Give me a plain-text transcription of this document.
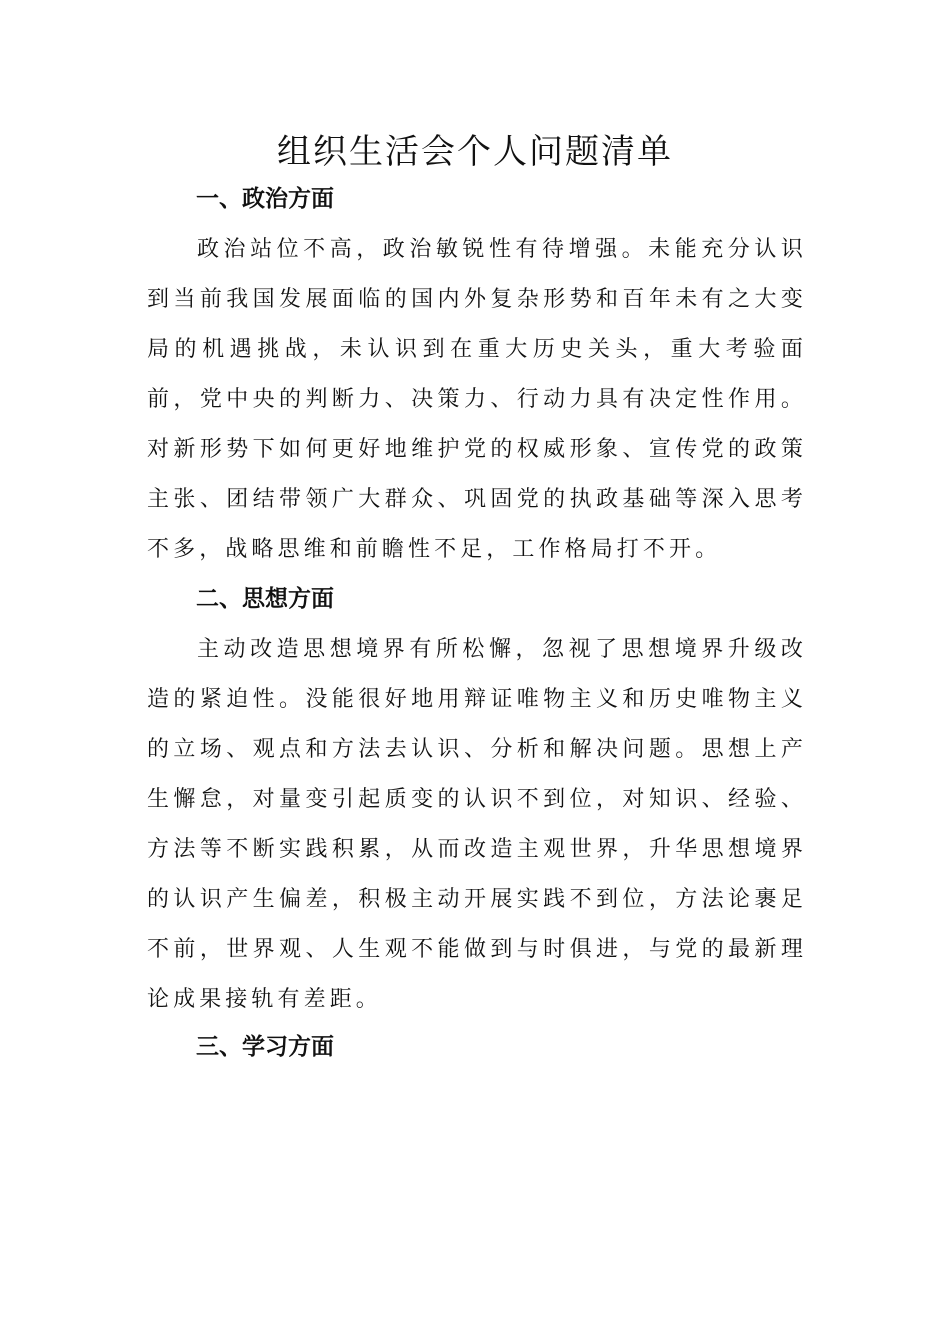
组织生活会个人问题清单
一、政治方面

政治站位不高，政治敏锐性有待增强。未能充分认识到当前我国发展面临的国内外复杂形势和百年未有之大变局的机遇挑战，未认识到在重大历史关头，重大考验面前，党中央的判断力、决策力、行动力具有决定性作用。对新形势下如何更好地维护党的权威形象、宣传党的政策主张、团结带领广大群众、巩固党的执政基础等深入思考不多，战略思维和前瞻性不足，工作格局打不开。

二、思想方面

主动改造思想境界有所松懈，忽视了思想境界升级改造的紧迫性。没能很好地用辩证唯物主义和历史唯物主义的立场、观点和方法去认识、分析和解决问题。思想上产生懈怠，对量变引起质变的认识不到位，对知识、经验、方法等不断实践积累，从而改造主观世界，升华思想境界的认识产生偏差，积极主动开展实践不到位，方法论裹足不前，世界观、人生观不能做到与时俱进，与党的最新理论成果接轨有差距。

三、学习方面
